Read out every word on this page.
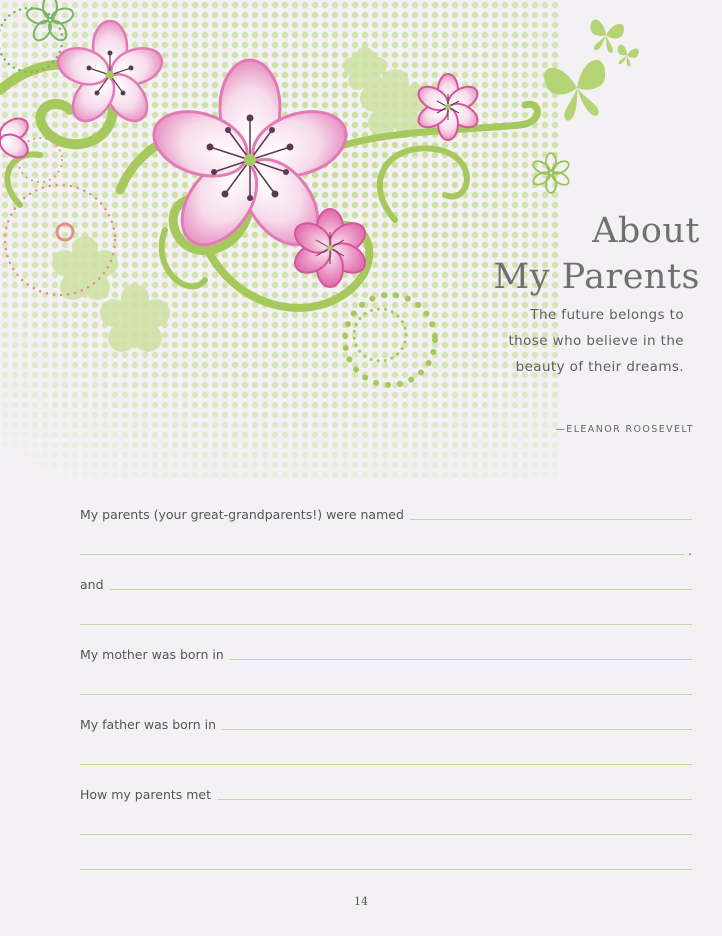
About
My Parents
The future belongs to
those who believe in the
beauty of their dreams.
—ELEANOR ROOSEVELT
My parents (your great-grandparents!) were named
.
and
My mother was born in
My father was born in
How my parents met
14
